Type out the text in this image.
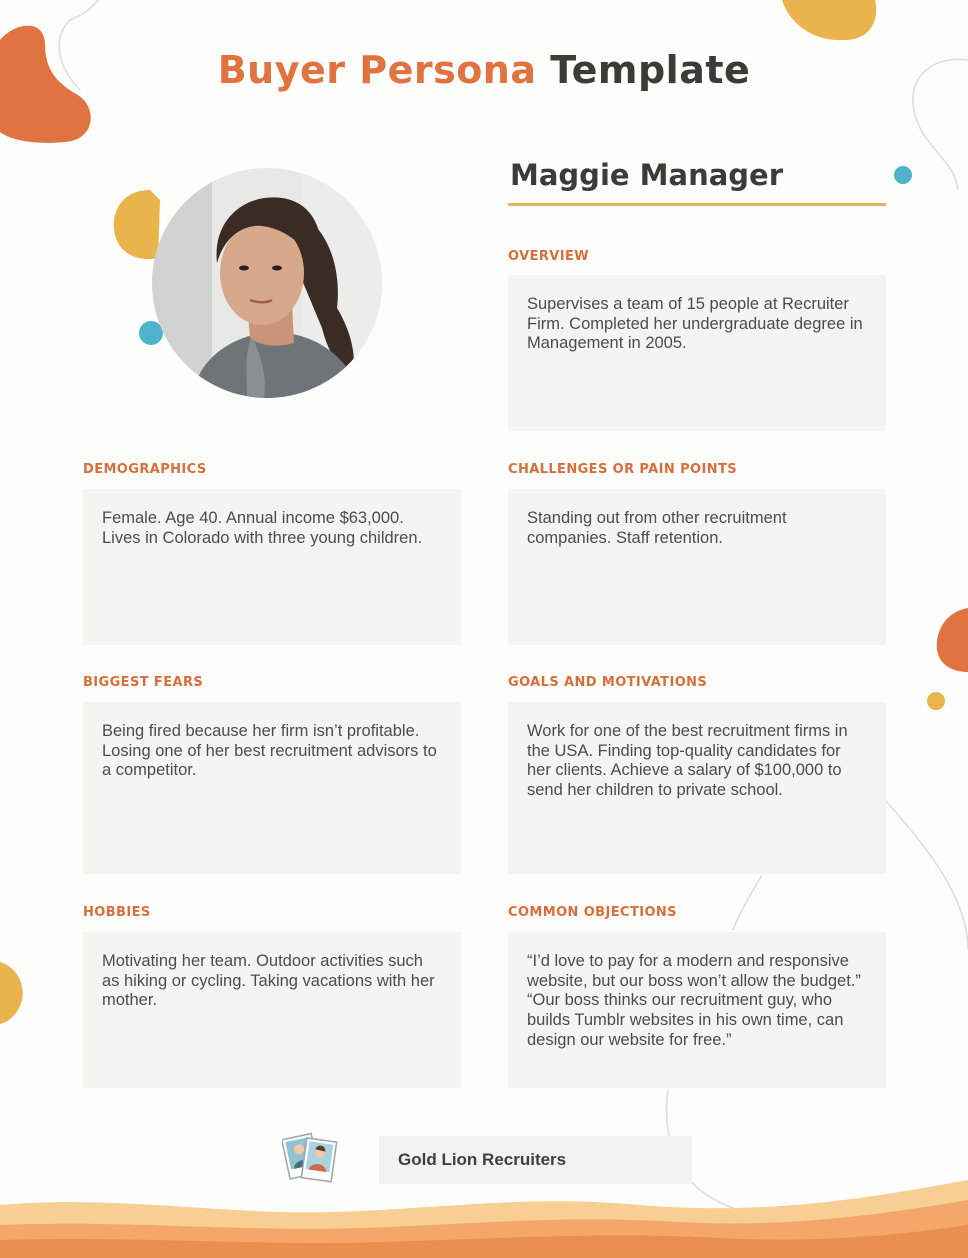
Buyer Persona Template
Maggie Manager
OVERVIEW

Supervises a team of 15 people at Recruiter Firm. Completed her undergraduate degree in Management in 2005.

DEMOGRAPHICS

Female. Age 40. Annual income $63,000. Lives in Colorado with three young children.

CHALLENGES OR PAIN POINTS

Standing out from other recruitment companies. Staff retention.

BIGGEST FEARS

Being fired because her firm isn’t profitable. Losing one of her best recruitment advisors to a competitor.

GOALS AND MOTIVATIONS

Work for one of the best recruitment firms in the USA. Finding top-quality candidates for her clients. Achieve a salary of $100,000 to send her children to private school.

HOBBIES

Motivating her team. Outdoor activities such as hiking or cycling. Taking vacations with her mother.

COMMON OBJECTIONS

“I’d love to pay for a modern and responsive website, but our boss won’t allow the budget.” “Our boss thinks our recruitment guy, who builds Tumblr websites in his own time, can design our website for free.”

Gold Lion Recruiters
